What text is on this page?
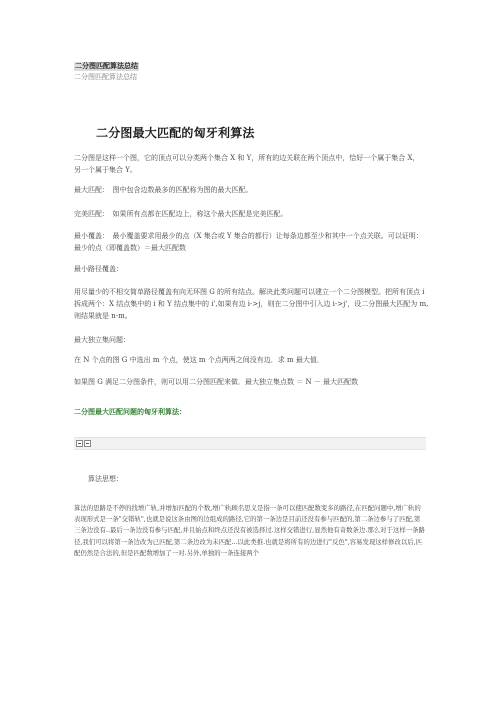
二分图匹配算法总结
二分图匹配算法总结
二分图最大匹配的匈牙利算法
二分图是这样一个图，它的顶点可以分类两个集合 X 和 Y，所有的边关联在两个顶点中，恰好一个属于集合 X，另一个属于集合 Y。
最大匹配：　图中包含边数最多的匹配称为图的最大匹配。
完美匹配：　如果所有点都在匹配边上，称这个最大匹配是完美匹配。
最小覆盖：　最小覆盖要求用最少的点（X 集合或 Y 集合的都行）让每条边都至少和其中一个点关联。可以证明：最少的点（即覆盖数）＝最大匹配数
最小路径覆盖：
用尽量少的不相交简单路径覆盖有向无环图 G 的所有结点。解决此类问题可以建立一个二分图模型。把所有顶点 i 拆成两个：X 结点集中的 i 和 Y 结点集中的 i',如果有边 i->j，则在二分图中引入边 i->j'，设二分图最大匹配为 m,则结果就是 n-m。
二分图最大匹配问题的匈牙利算法：
算法思想：
算法的思路是不停的找增广轨,并增加匹配的个数,增广轨顾名思义是指一条可以使匹配数变多的路径,在匹配问题中,增广轨的表现形式是一条"交错轨",也就是说这条由图的边组成的路径,它的第一条边是目前还没有参与匹配的,第二条边参与了匹配,第三条边没有..最后一条边没有参与匹配,并且始点和终点还没有被选择过.这样交错进行,显然他有奇数条边.那么对于这样一条路径,我们可以将第一条边改为已匹配,第二条边改为未匹配...以此类推.也就是将所有的边进行"反色",容易发现这样修改以后,匹配仍然是合法的,但是匹配数增加了一对.另外,单独的一条连接两个
最大独立集问题：
在 N 个点的图 G 中选出 m 个点，使这 m 个点两两之间没有边．求 m 最大值．
如果图 G 满足二分图条件，则可以用二分图匹配来做．最大独立集点数 ＝ N － 最大匹配数
